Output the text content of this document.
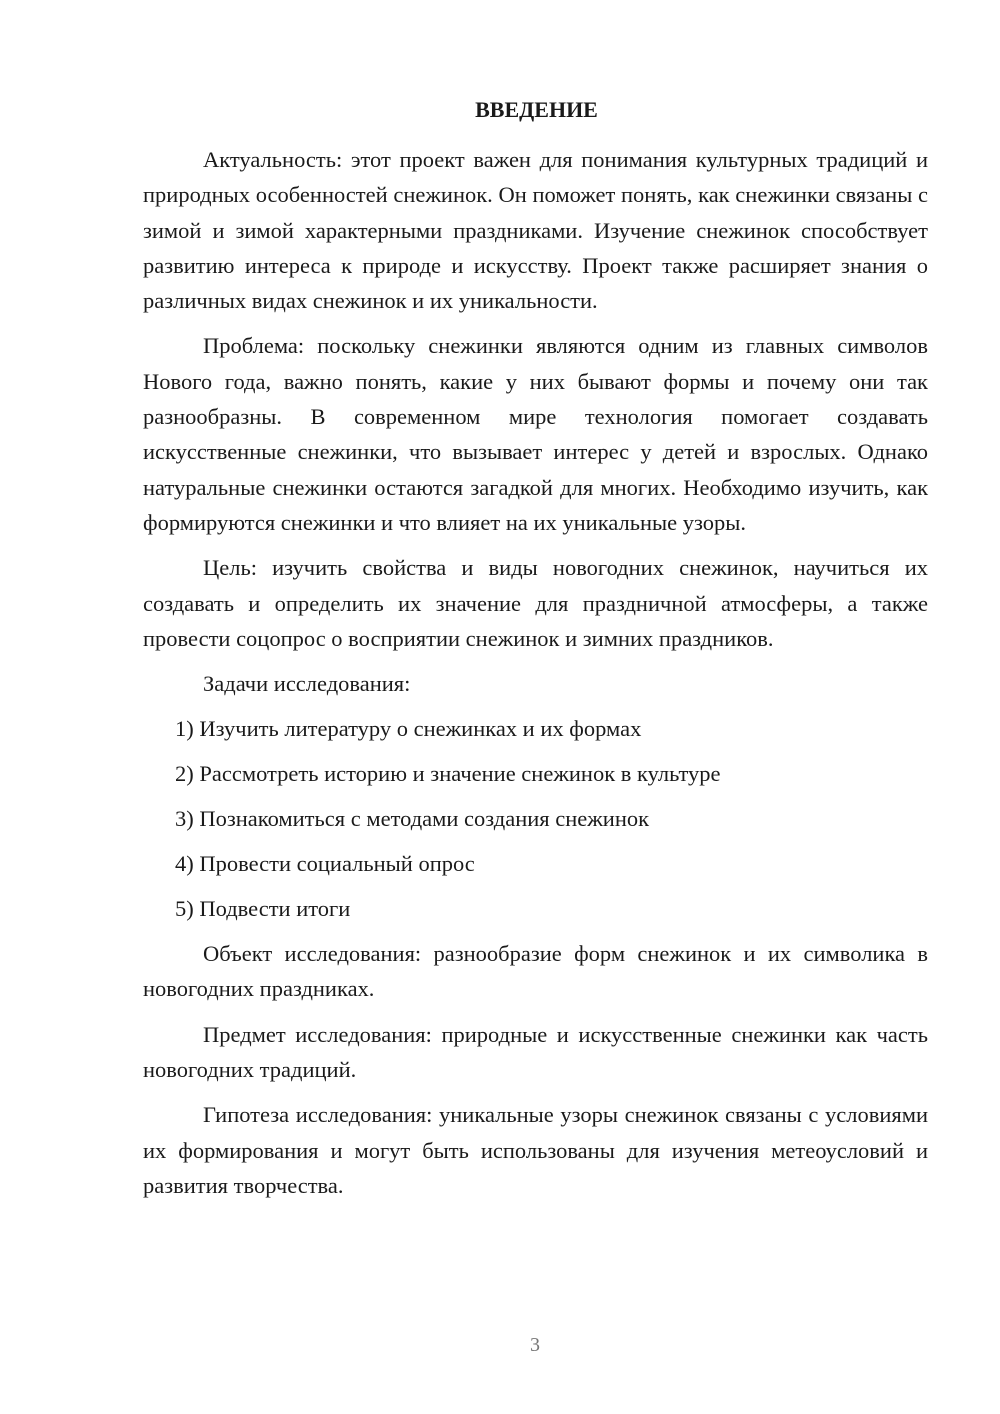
ВВЕДЕНИЕ

Актуальность: этот проект важен для понимания культурных традиций и природных особенностей снежинок. Он поможет понять, как снежинки связаны с зимой и зимой характерными праздниками. Изучение снежинок способствует развитию интереса к природе и искусству. Проект также расширяет знания о различных видах снежинок и их уникальности.

Проблема: поскольку снежинки являются одним из главных символов Нового года, важно понять, какие у них бывают формы и почему они так разнообразны. В современном мире технология помогает создавать искусственные снежинки, что вызывает интерес у детей и взрослых. Однако натуральные снежинки остаются загадкой для многих. Необходимо изучить, как формируются снежинки и что влияет на их уникальные узоры.

Цель: изучить свойства и виды новогодних снежинок, научиться их создавать и определить их значение для праздничной атмосферы, а также провести соцопрос о восприятии снежинок и зимних праздников.

Задачи исследования:

1) Изучить литературу о снежинках и их формах
2) Рассмотреть историю и значение снежинок в культуре
3) Познакомиться с методами создания снежинок
4) Провести социальный опрос
5) Подвести итоги

Объект исследования: разнообразие форм снежинок и их символика в новогодних праздниках.

Предмет исследования: природные и искусственные снежинки как часть новогодних традиций.

Гипотеза исследования: уникальные узоры снежинок связаны с условиями их формирования и могут быть использованы для изучения метеоусловий и развития творчества.

3
